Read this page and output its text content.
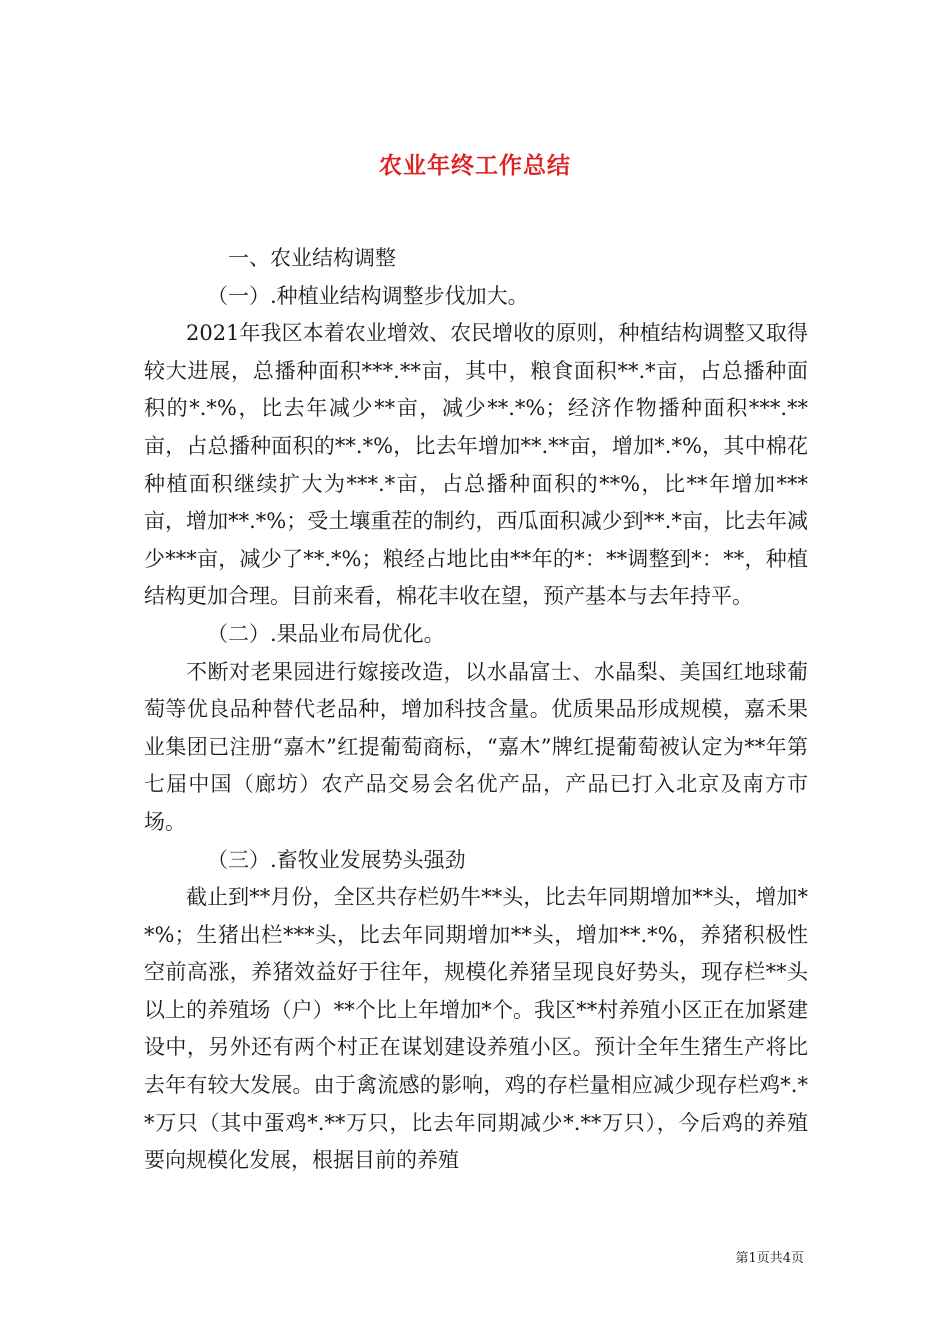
农业年终工作总结

一、农业结构调整

（一）.种植业结构调整步伐加大。

2021年我区本着农业增效、农民增收的原则，种植结构调整又取得较大进展，总播种面积***.**亩，其中，粮食面积**.*亩，占总播种面积的*.*%，比去年减少**亩，减少**.*%；经济作物播种面积***.**亩，占总播种面积的**.*%，比去年增加**.**亩，增加*.*%，其中棉花种植面积继续扩大为***.*亩，占总播种面积的**%，比**年增加***亩，增加**.*%；受土壤重茬的制约，西瓜面积减少到**.*亩，比去年减少***亩，减少了**.*%；粮经占地比由**年的*：**调整到*：**，种植结构更加合理。目前来看，棉花丰收在望，预产基本与去年持平。

（二）.果品业布局优化。

不断对老果园进行嫁接改造，以水晶富士、水晶梨、美国红地球葡萄等优良品种替代老品种，增加科技含量。优质果品形成规模，嘉禾果业集团已注册“嘉木”红提葡萄商标，“嘉木”牌红提葡萄被认定为**年第七届中国（廊坊）农产品交易会名优产品，产品已打入北京及南方市场。

（三）.畜牧业发展势头强劲

截止到**月份，全区共存栏奶牛**头，比去年同期增加**头，增加**%；生猪出栏***头，比去年同期增加**头，增加**.*%，养猪积极性空前高涨，养猪效益好于往年，规模化养猪呈现良好势头，现存栏**头以上的养殖场（户）**个比上年增加*个。我区**村养殖小区正在加紧建设中，另外还有两个村正在谋划建设养殖小区。预计全年生猪生产将比去年有较大发展。由于禽流感的影响，鸡的存栏量相应减少现存栏鸡*.**万只（其中蛋鸡*.**万只，比去年同期减少*.**万只），今后鸡的养殖要向规模化发展，根据目前的养殖

第1页共4页
